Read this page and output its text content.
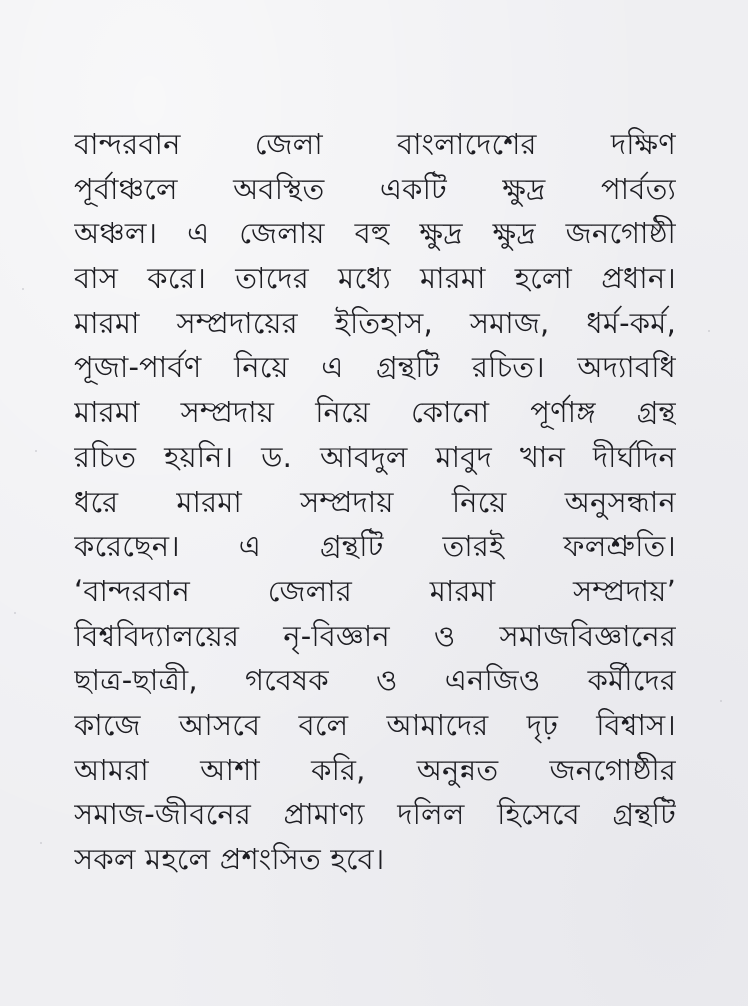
বান্দরবান জেলা বাংলাদেশের দক্ষিণ
পূর্বাঞ্চলে অবস্থিত একটি ক্ষুদ্র পার্বত্য
অঞ্চল। এ জেলায় বহু ক্ষুদ্র ক্ষুদ্র জনগোষ্ঠী
বাস করে। তাদের মধ্যে মারমা হলো প্রধান।
মারমা সম্প্রদায়ের ইতিহাস, সমাজ, ধর্ম-কর্ম,
পূজা-পার্বণ নিয়ে এ গ্রন্থটি রচিত। অদ্যাবধি
মারমা সম্প্রদায় নিয়ে কোনো পূর্ণাঙ্গ গ্রন্থ
রচিত হয়নি। ড. আবদুল মাবুদ খান দীর্ঘদিন
ধরে মারমা সম্প্রদায় নিয়ে অনুসন্ধান
করেছেন। এ গ্রন্থটি তারই ফলশ্রুতি।
‘বান্দরবান জেলার মারমা সম্প্রদায়’
বিশ্ববিদ্যালয়ের নৃ-বিজ্ঞান ও সমাজবিজ্ঞানের
ছাত্র-ছাত্রী, গবেষক ও এনজিও কর্মীদের
কাজে আসবে বলে আমাদের দৃঢ় বিশ্বাস।
আমরা আশা করি, অনুন্নত জনগোষ্ঠীর
সমাজ-জীবনের প্রামাণ্য দলিল হিসেবে গ্রন্থটি
সকল মহলে প্রশংসিত হবে।
